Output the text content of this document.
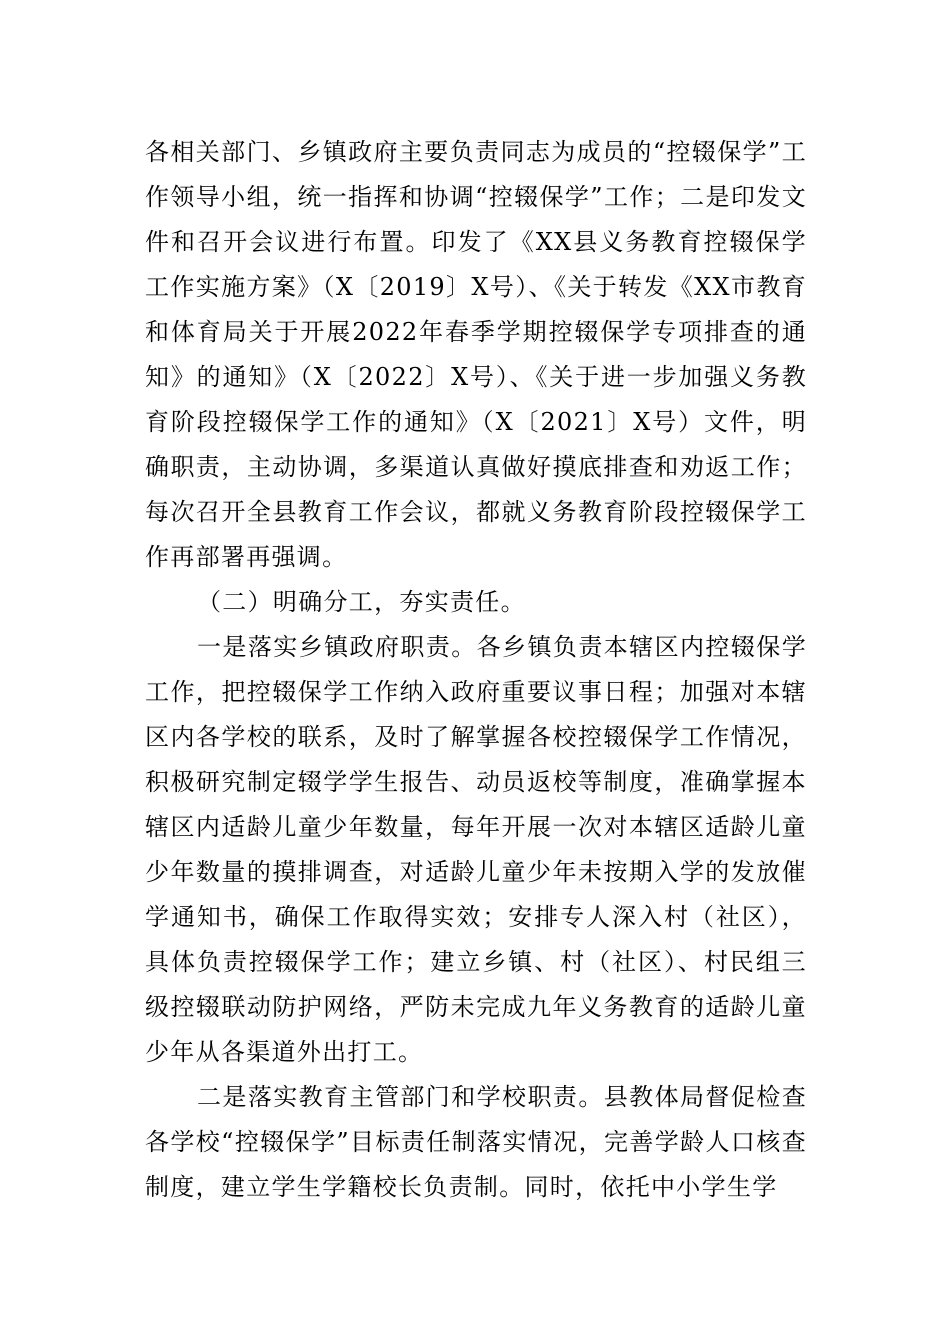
各相关部门、乡镇政府主要负责同志为成员的“控辍保学”工作领导小组，统一指挥和协调“控辍保学”工作；二是印发文件和召开会议进行布置。印发了《XX县义务教育控辍保学工作实施方案》（X〔2019〕X号）、《关于转发《XX市教育和体育局关于开展2022年春季学期控辍保学专项排查的通知》的通知》（X〔2022〕X号）、《关于进一步加强义务教育阶段控辍保学工作的通知》（X〔2021〕X号）文件，明确职责，主动协调，多渠道认真做好摸底排查和劝返工作；每次召开全县教育工作会议，都就义务教育阶段控辍保学工作再部署再强调。

（二）明确分工，夯实责任。

一是落实乡镇政府职责。各乡镇负责本辖区内控辍保学工作，把控辍保学工作纳入政府重要议事日程；加强对本辖区内各学校的联系，及时了解掌握各校控辍保学工作情况，积极研究制定辍学学生报告、动员返校等制度，准确掌握本辖区内适龄儿童少年数量，每年开展一次对本辖区适龄儿童少年数量的摸排调查，对适龄儿童少年未按期入学的发放催学通知书，确保工作取得实效；安排专人深入村（社区），具体负责控辍保学工作；建立乡镇、村（社区）、村民组三级控辍联动防护网络，严防未完成九年义务教育的适龄儿童少年从各渠道外出打工。

二是落实教育主管部门和学校职责。县教体局督促检查各学校“控辍保学”目标责任制落实情况，完善学龄人口核查制度，建立学生学籍校长负责制。同时，依托中小学生学
